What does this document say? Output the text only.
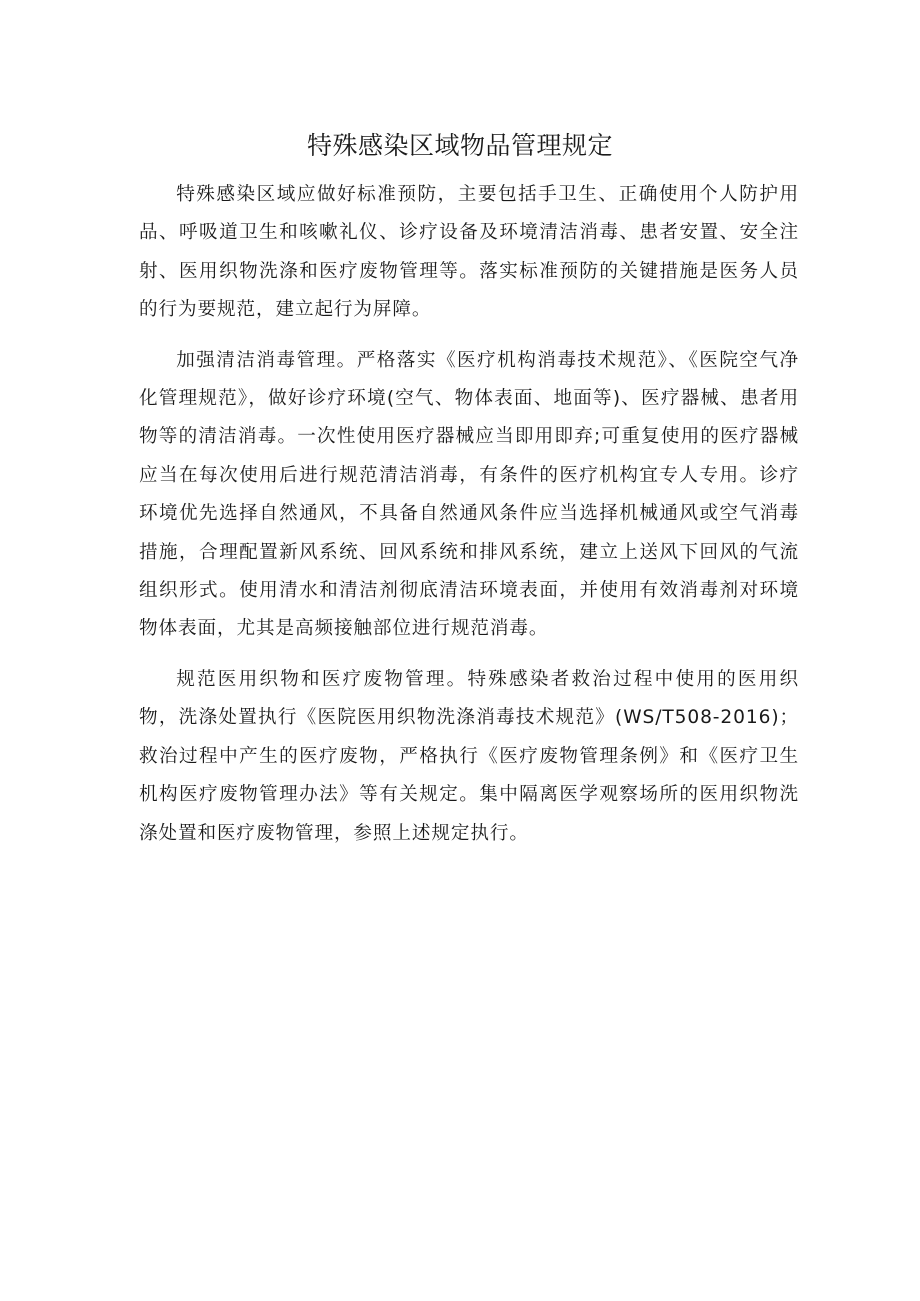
特殊感染区域物品管理规定

特殊感染区域应做好标准预防，主要包括手卫生、正确使用个人防护用品、呼吸道卫生和咳嗽礼仪、诊疗设备及环境清洁消毒、患者安置、安全注射、医用织物洗涤和医疗废物管理等。落实标准预防的关键措施是医务人员的行为要规范，建立起行为屏障。

加强清洁消毒管理。严格落实《医疗机构消毒技术规范》、《医院空气净化管理规范》，做好诊疗环境(空气、物体表面、地面等)、医疗器械、患者用物等的清洁消毒。一次性使用医疗器械应当即用即弃;可重复使用的医疗器械应当在每次使用后进行规范清洁消毒，有条件的医疗机构宜专人专用。诊疗环境优先选择自然通风，不具备自然通风条件应当选择机械通风或空气消毒措施，合理配置新风系统、回风系统和排风系统，建立上送风下回风的气流组织形式。使用清水和清洁剂彻底清洁环境表面，并使用有效消毒剂对环境物体表面，尤其是高频接触部位进行规范消毒。

规范医用织物和医疗废物管理。特殊感染者救治过程中使用的医用织物，洗涤处置执行《医院医用织物洗涤消毒技术规范》(WS/T508-2016)；救治过程中产生的医疗废物，严格执行《医疗废物管理条例》和《医疗卫生机构医疗废物管理办法》等有关规定。集中隔离医学观察场所的医用织物洗涤处置和医疗废物管理，参照上述规定执行。
